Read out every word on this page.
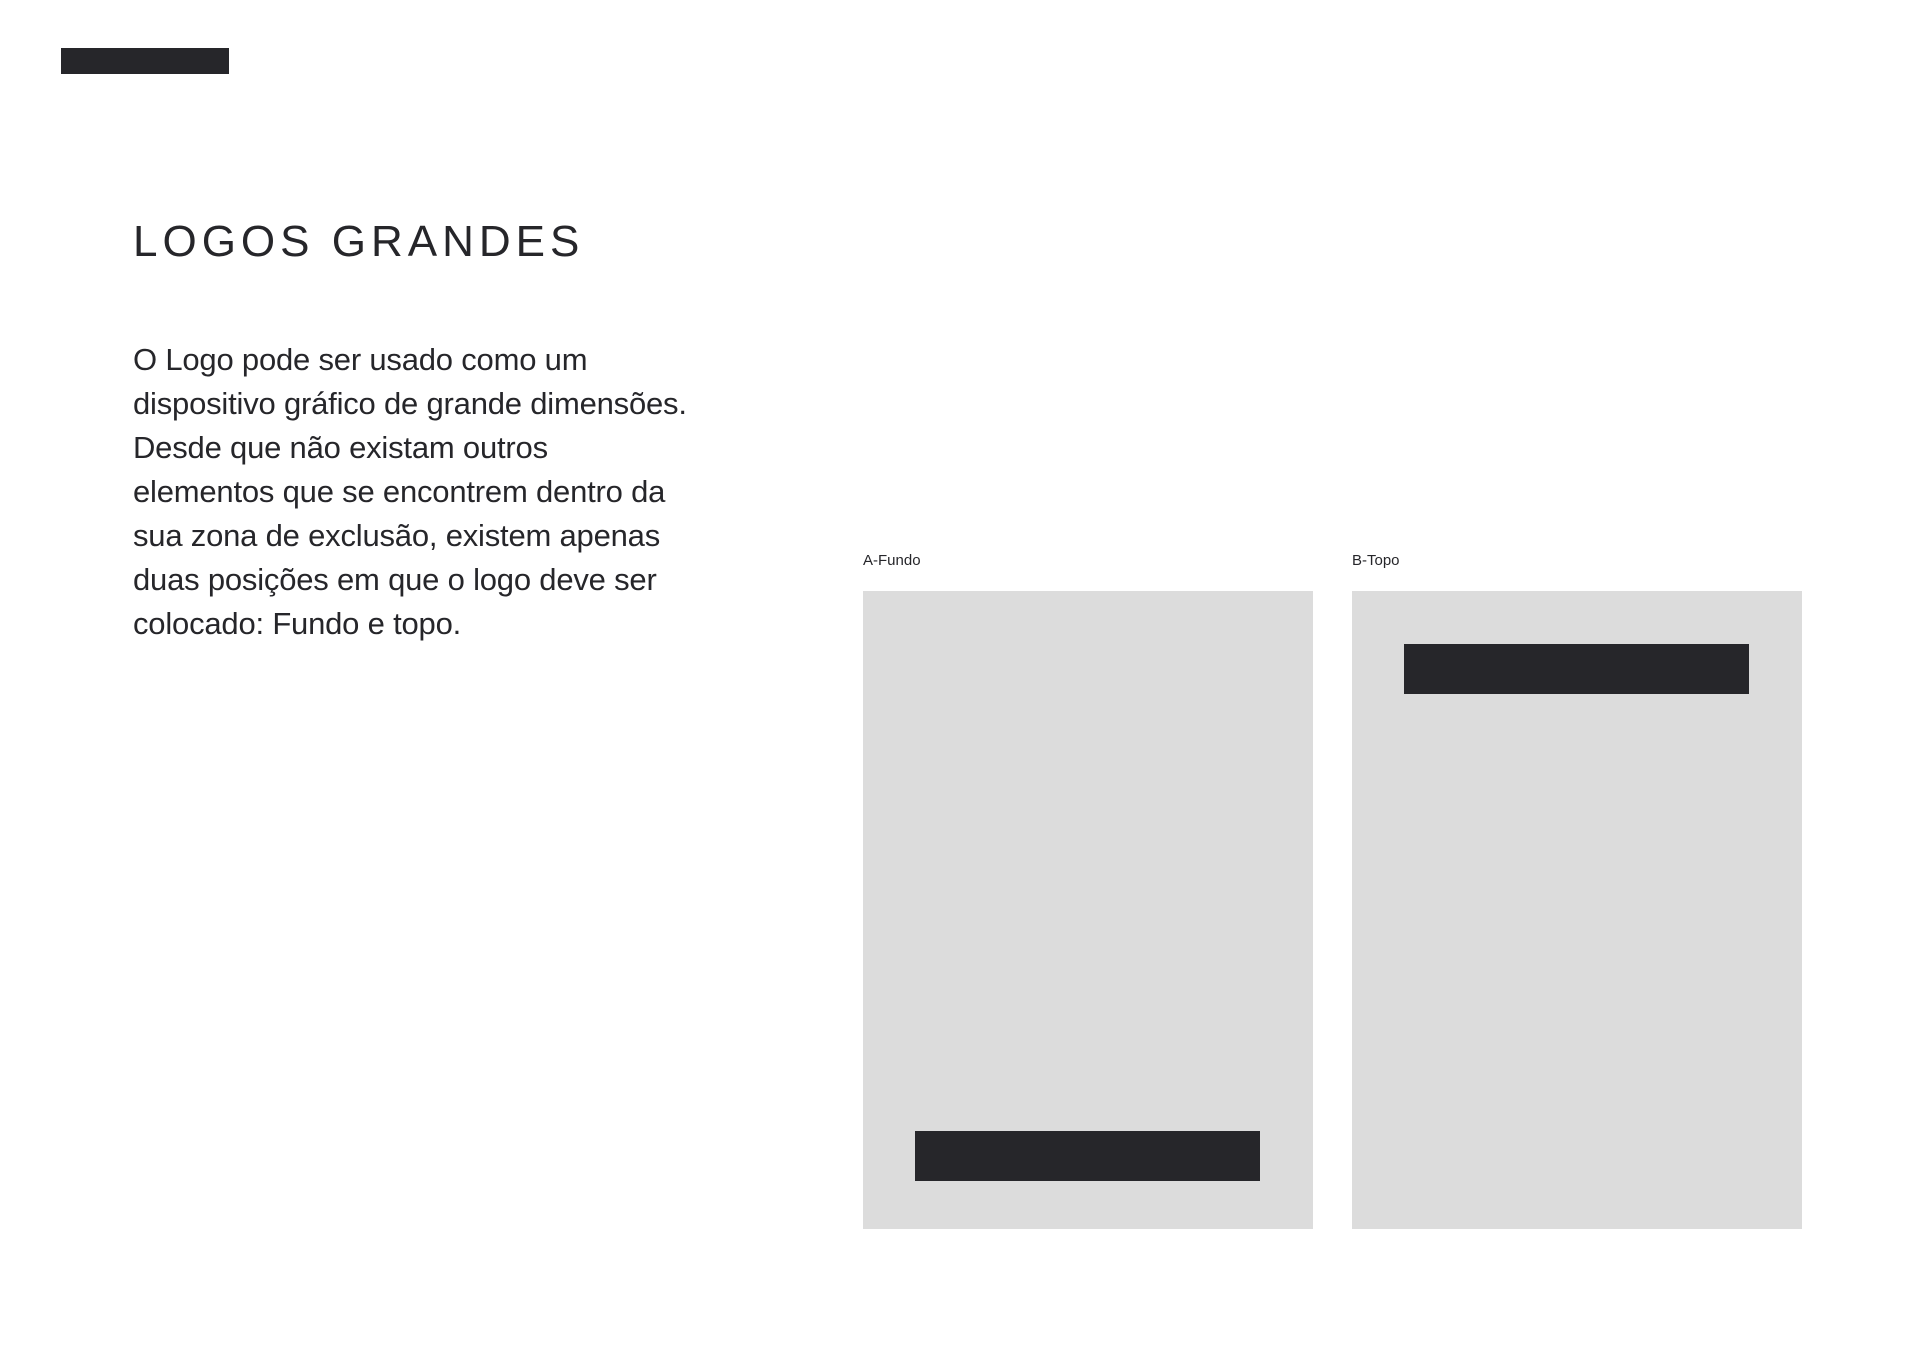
LOGOS GRANDES

O Logo pode ser usado como um dispositivo gráfico de grande dimensões. Desde que não existam outros elementos que se encontrem dentro da sua zona de exclusão, existem apenas duas posições em que o logo deve ser colocado: Fundo e topo.

A-Fundo	B-Topo
